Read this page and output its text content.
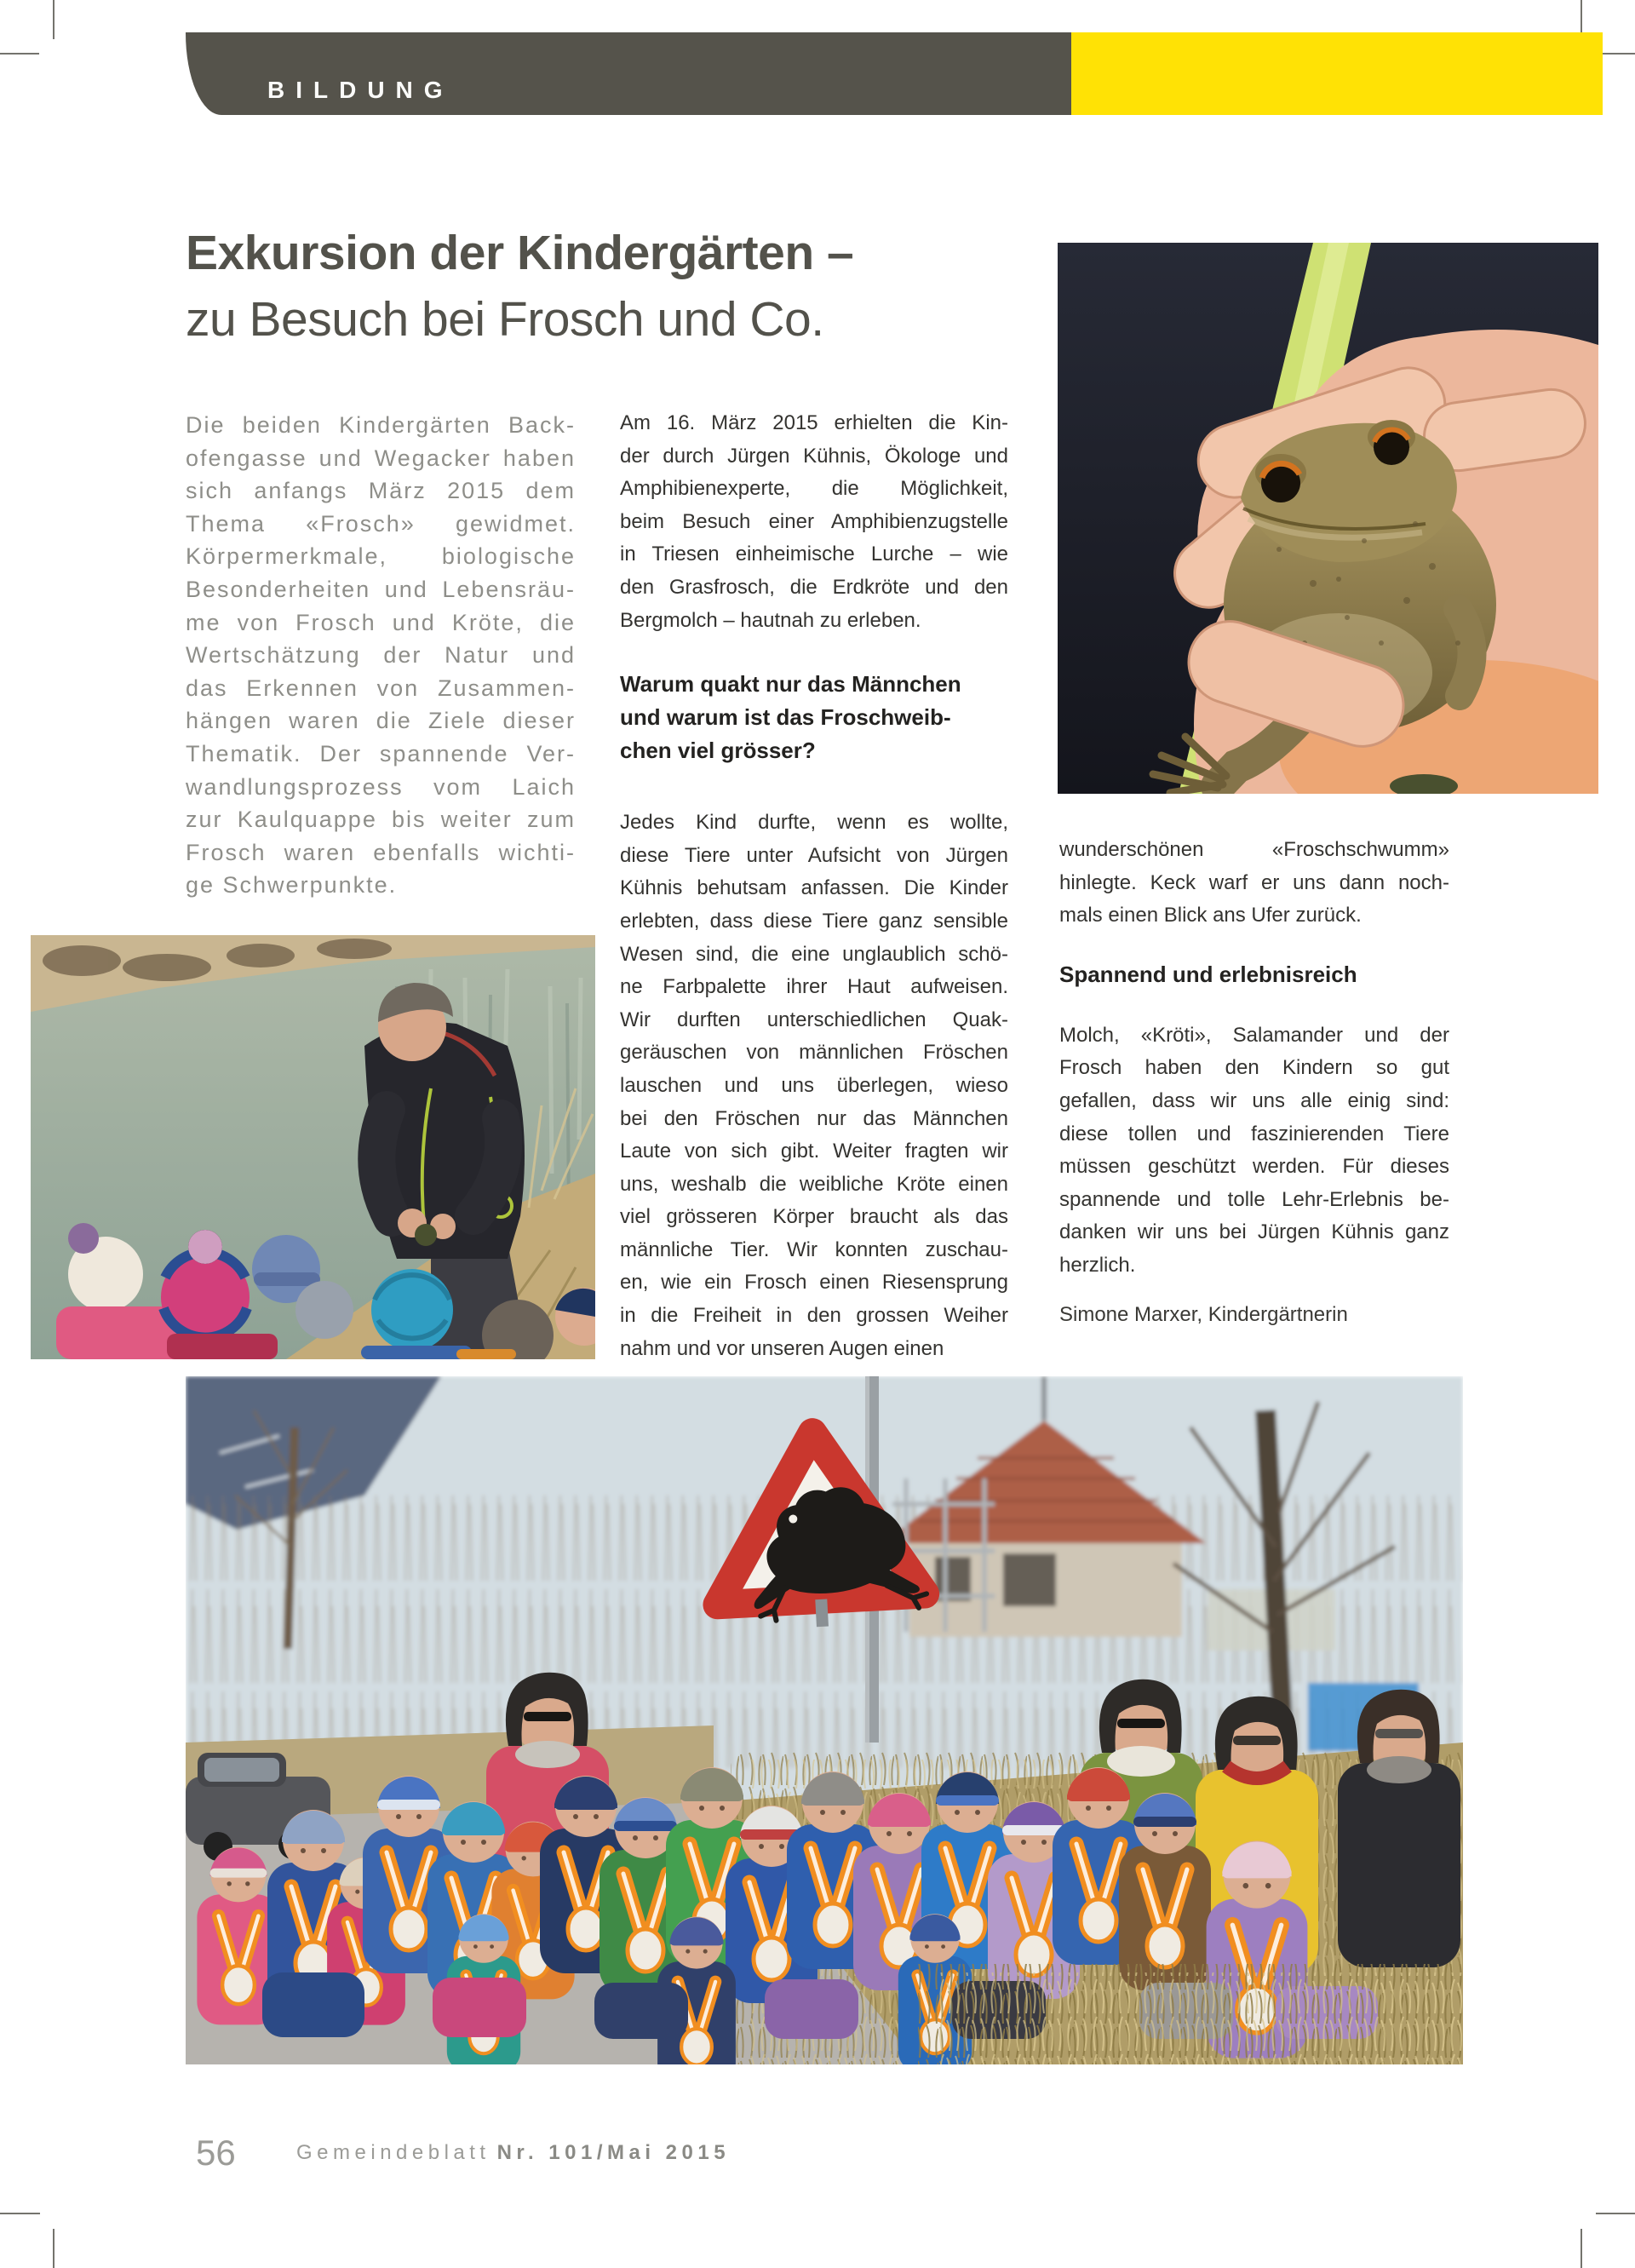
BILDUNG
Exkursion der Kindergärten –
zu Besuch bei Frosch und Co.
Die beiden Kindergärten Back-
ofengasse und Wegacker haben
sich anfangs März 2015 dem
Thema «Frosch» gewidmet.
Körpermerkmale, biologische
Besonderheiten und Lebensräu-
me von Frosch und Kröte, die
Wertschätzung der Natur und
das Erkennen von Zusammen-
hängen waren die Ziele dieser
Thematik. Der spannende Ver-
wandlungsprozess vom Laich
zur Kaulquappe bis weiter zum
Frosch waren ebenfalls wichti-
ge Schwerpunkte.
Am 16. März 2015 erhielten die Kin-
der durch Jürgen Kühnis, Ökologe und
Amphibienexperte, die Möglichkeit,
beim Besuch einer Amphibienzugstelle
in Triesen einheimische Lurche – wie
den Grasfrosch, die Erdkröte und den
Bergmolch – hautnah zu erleben.
Warum quakt nur das Männchen
und warum ist das Froschweib-
chen viel grösser?
Jedes Kind durfte, wenn es wollte,
diese Tiere unter Aufsicht von Jürgen
Kühnis behutsam anfassen. Die Kinder
erlebten, dass diese Tiere ganz sensible
Wesen sind, die eine unglaublich schö-
ne Farbpalette ihrer Haut aufweisen.
Wir durften unterschiedlichen Quak-
geräuschen von männlichen Fröschen
lauschen und uns überlegen, wieso
bei den Fröschen nur das Männchen
Laute von sich gibt. Weiter fragten wir
uns, weshalb die weibliche Kröte einen
viel grösseren Körper braucht als das
männliche Tier. Wir konnten zuschau-
en, wie ein Frosch einen Riesensprung
in die Freiheit in den grossen Weiher
nahm und vor unseren Augen einen
wunderschönen «Froschschwumm»
hinlegte. Keck warf er uns dann noch-
mals einen Blick ans Ufer zurück.
Spannend und erlebnisreich
Molch, «Kröti», Salamander und der
Frosch haben den Kindern so gut
gefallen, dass wir uns alle einig sind:
diese tollen und faszinierenden Tiere
müssen geschützt werden. Für dieses
spannende und tolle Lehr-Erlebnis be-
danken wir uns bei Jürgen Kühnis ganz
herzlich.
Simone Marxer, Kindergärtnerin
56	Gemeindeblatt Nr. 101/Mai 2015
